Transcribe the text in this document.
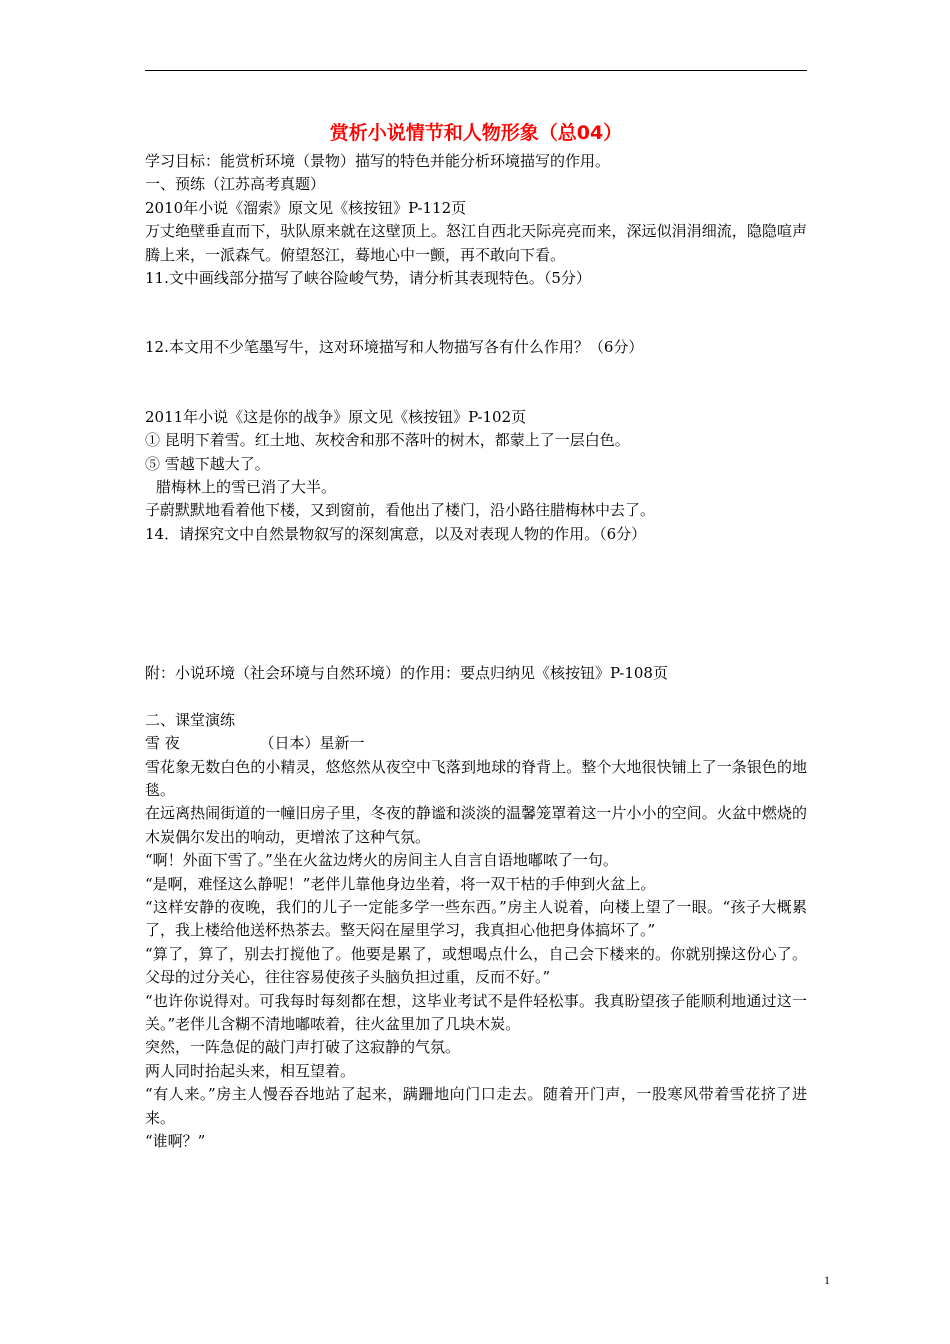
赏析小说情节和人物形象（总04）

学习目标：能赏析环境（景物）描写的特色并能分析环境描写的作用。

一、预练（江苏高考真题）

2010年小说《溜索》原文见《核按钮》P-112页

万丈绝壁垂直而下，驮队原来就在这壁顶上。怒江自西北天际亮亮而来，深远似涓涓细流，隐隐喧声腾上来，一派森气。俯望怒江，蓦地心中一颤，再不敢向下看。

11.文中画线部分描写了峡谷险峻气势，请分析其表现特色。（5分）

12.本文用不少笔墨写牛，这对环境描写和人物描写各有什么作用？（6分）

2011年小说《这是你的战争》原文见《核按钮》P-102页

① 昆明下着雪。红土地、灰校舍和那不落叶的树木，都蒙上了一层白色。

⑤ 雪越下越大了。

腊梅林上的雪已消了大半。

子蔚默默地看着他下楼，又到窗前，看他出了楼门，沿小路往腊梅林中去了。

14．请探究文中自然景物叙写的深刻寓意，以及对表现人物的作用。（6分）

附：小说环境（社会环境与自然环境）的作用：要点归纳见《核按钮》P-108页

二、课堂演练

雪 夜　　　　　 （日本）星新一

雪花象无数白色的小精灵，悠悠然从夜空中飞落到地球的脊背上。整个大地很快铺上了一条银色的地毯。

在远离热闹街道的一幢旧房子里，冬夜的静谧和淡淡的温馨笼罩着这一片小小的空间。火盆中燃烧的木炭偶尔发出的响动，更增浓了这种气氛。

“啊！外面下雪了。”坐在火盆边烤火的房间主人自言自语地嘟哝了一句。

“是啊，难怪这么静呢！”老伴儿靠他身边坐着，将一双干枯的手伸到火盆上。

“这样安静的夜晚，我们的儿子一定能多学一些东西。”房主人说着，向楼上望了一眼。“孩子大概累了，我上楼给他送杯热茶去。整天闷在屋里学习，我真担心他把身体搞坏了。”

“算了，算了，别去打搅他了。他要是累了，或想喝点什么，自己会下楼来的。你就别操这份心了。父母的过分关心，往往容易使孩子头脑负担过重，反而不好。”

“也许你说得对。可我每时每刻都在想，这毕业考试不是件轻松事。我真盼望孩子能顺利地通过这一关。”老伴儿含糊不清地嘟哝着，往火盆里加了几块木炭。

突然，一阵急促的敲门声打破了这寂静的气氛。

两人同时抬起头来，相互望着。

“有人来。”房主人慢吞吞地站了起来，蹒跚地向门口走去。随着开门声，一股寒风带着雪花挤了进来。

“谁啊？”

1
